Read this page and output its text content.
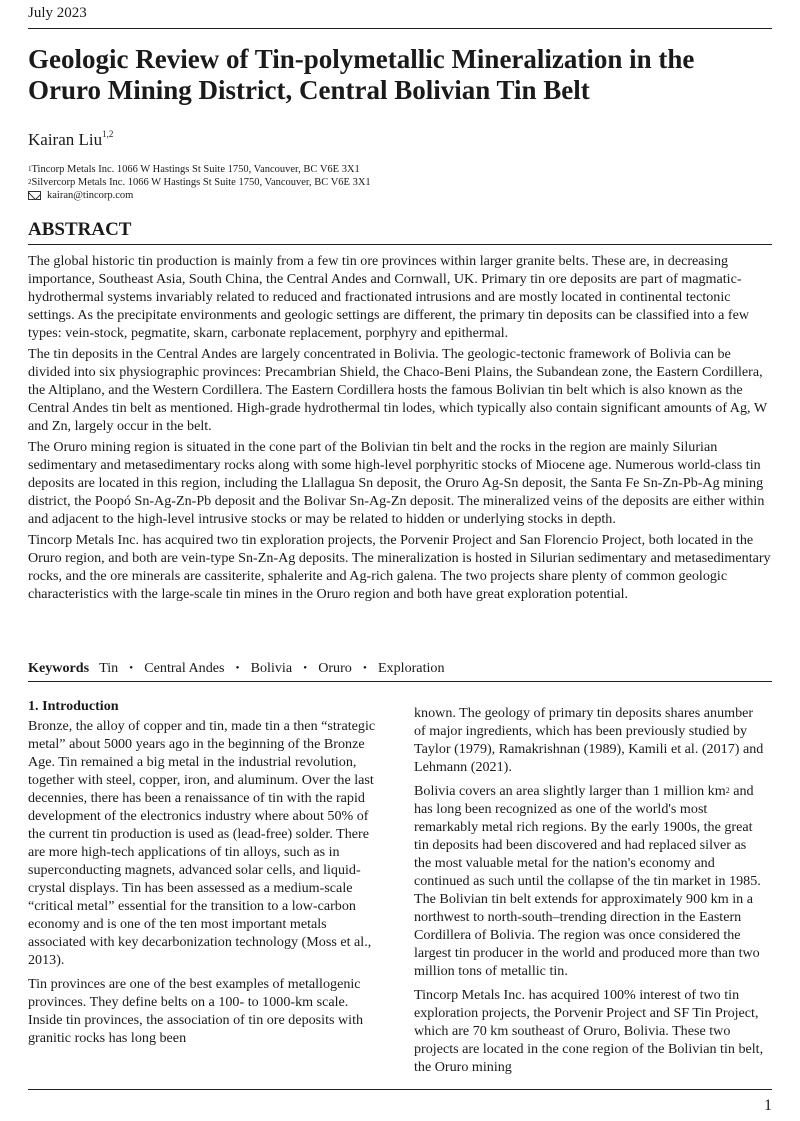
July 2023
Geologic Review of Tin-polymetallic Mineralization in the Oruro Mining District, Central Bolivian Tin Belt
Kairan Liu$^{1,2}$
$^1$Tincorp Metals Inc. 1066 W Hastings St Suite 1750, Vancouver, BC V6E 3X1
$^2$Silvercorp Metals Inc. 1066 W Hastings St Suite 1750, Vancouver, BC V6E 3X1
kairan@tincorp.com
ABSTRACT

The global historic tin production is mainly from a few tin ore provinces within larger granite belts. These are, in decreasing importance, Southeast Asia, South China, the Central Andes and Cornwall, UK. Primary tin ore deposits are part of magmatic-hydrothermal systems invariably related to reduced and fractionated intrusions and are mostly located in continental tectonic settings. As the precipitate environments and geologic settings are different, the primary tin deposits can be classified into a few types: vein-stock, pegmatite, skarn, carbonate replacement, porphyry and epithermal.

The tin deposits in the Central Andes are largely concentrated in Bolivia. The geologic-tectonic framework of Bolivia can be divided into six physiographic provinces: Precambrian Shield, the Chaco-Beni Plains, the Subandean zone, the Eastern Cordillera, the Altiplano, and the Western Cordillera. The Eastern Cordillera hosts the famous Bolivian tin belt which is also known as the Central Andes tin belt as mentioned. High-grade hydrothermal tin lodes, which typically also contain significant amounts of Ag, W and Zn, largely occur in the belt.

The Oruro mining region is situated in the cone part of the Bolivian tin belt and the rocks in the region are mainly Silurian sedimentary and metasedimentary rocks along with some high-level porphyritic stocks of Miocene age. Numerous world-class tin deposits are located in this region, including the Llallagua Sn deposit, the Oruro Ag-Sn deposit, the Santa Fe Sn-Zn-Pb-Ag mining district, the Poopó Sn-Ag-Zn-Pb deposit and the Bolivar Sn-Ag-Zn deposit. The mineralized veins of the deposits are either within and adjacent to the high-level intrusive stocks or may be related to hidden or underlying stocks in depth.

Tincorp Metals Inc. has acquired two tin exploration projects, the Porvenir Project and San Florencio Project, both located in the Oruro region, and both are vein-type Sn-Zn-Ag deposits. The mineralization is hosted in Silurian sedimentary and metasedimentary rocks, and the ore minerals are cassiterite, sphalerite and Ag-rich galena. The two projects share plenty of common geologic characteristics with the large-scale tin mines in the Oruro region and both have great exploration potential.

Keywords Tin ・ Central Andes ・ Bolivia ・ Oruro ・ Exploration
1. Introduction

Bronze, the alloy of copper and tin, made tin a then “strategic metal” about 5000 years ago in the beginning of the Bronze Age. Tin remained a big metal in the industrial revolution, together with steel, copper, iron, and aluminum. Over the last decennies, there has been a renaissance of tin with the rapid development of the electronics industry where about 50% of the current tin production is used as (lead-free) solder. There are more high-tech applications of tin alloys, such as in superconducting magnets, advanced solar cells, and liquid-crystal displays. Tin has been assessed as a medium-scale “critical metal” essential for the transition to a low-carbon economy and is one of the ten most important metals associated with key decarbonization technology (Moss et al., 2013).

Tin provinces are one of the best examples of metallogenic provinces. They define belts on a 100- to 1000-km scale. Inside tin provinces, the association of tin ore deposits with granitic rocks has long been

known. The geology of primary tin deposits shares anumber of major ingredients, which has been previously studied by Taylor (1979), Ramakrishnan (1989), Kamili et al. (2017) and Lehmann (2021).

Bolivia covers an area slightly larger than 1 million $km^2$ and has long been recognized as one of the world's most remarkably metal rich regions. By the early 1900s, the great tin deposits had been discovered and had replaced silver as the most valuable metal for the nation's economy and continued as such until the collapse of the tin market in 1985. The Bolivian tin belt extends for approximately 900 km in a northwest to north-south–trending direction in the Eastern Cordillera of Bolivia. The region was once considered the largest tin producer in the world and produced more than two million tons of metallic tin.

Tincorp Metals Inc. has acquired 100% interest of two tin exploration projects, the Porvenir Project and SF Tin Project, which are 70 km southeast of Oruro, Bolivia. These two projects are located in the cone region of the Bolivian tin belt, the Oruro mining

1
